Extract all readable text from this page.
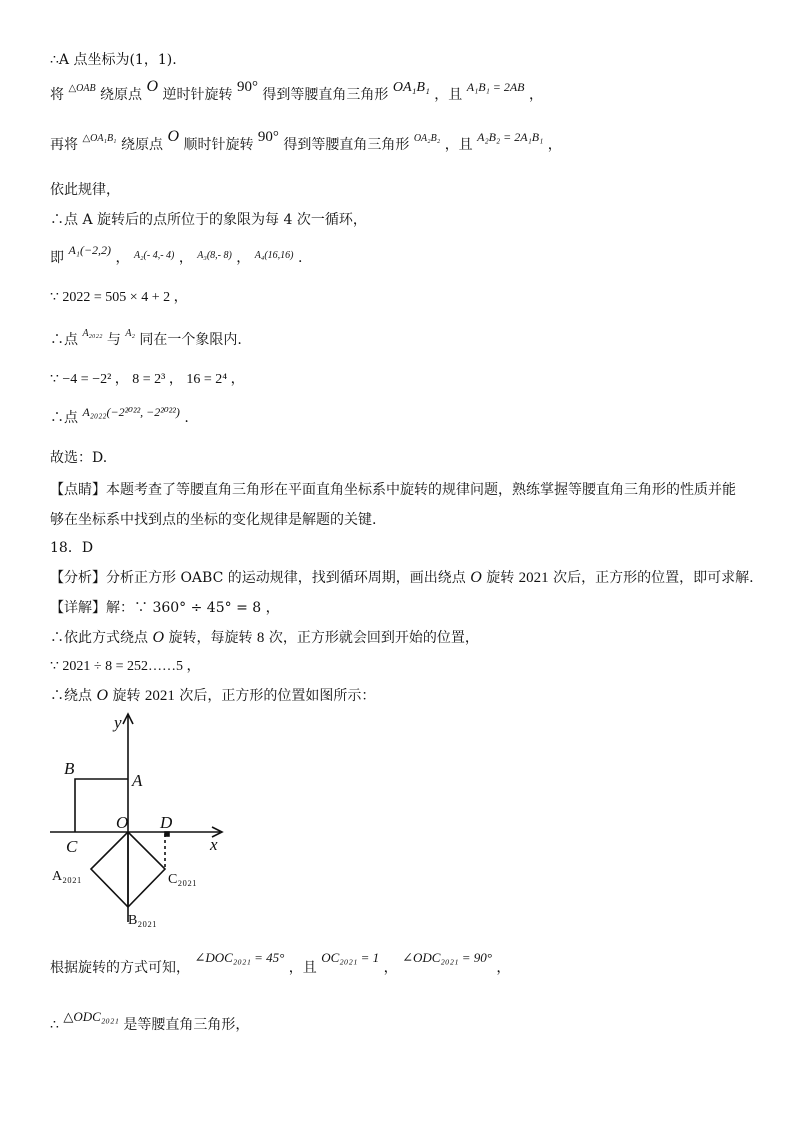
∴A 点坐标为(1，1).
将 $^{\triangle OAB}$ 绕原点 O 逆时针旋转 90° 得到等腰直角三角形 OA₁B₁ ，且 A₁B₁ = 2AB ，
再将 $^{\triangle OA_1B_1}$ 绕原点 O 顺时针旋转 90° 得到等腰直角三角形 $^{OA_2B_2}$ ，且 A₂B₂ = 2A₁B₁ ，
依此规律，
∴点 A 旋转后的点所位于的象限为每 4 次一循环，
即 A₁(−2,2) ， $^{A_2(- 4,- 4)}$ ， $^{A_3(8,- 8)}$ ， $^{A_4(16,16)}$ .
∵ 2022 = 505 × 4 + 2 ，
∴点 $^{A_{2022}}$ 与 $^{A_2}$ 同在一个象限内.
∵ −4 = −2² ， 8 = 2³ ， 16 = 2⁴ ，
∴点 A₂₀₂₂(−2²⁰²², −2²⁰²²) .
故选：D.
【点睛】本题考查了等腰直角三角形在平面直角坐标系中旋转的规律问题，熟练掌握等腰直角三角形的性质并能
够在坐标系中找到点的坐标的变化规律是解题的关键.
18．D
【分析】分析正方形 OABC 的运动规律，找到循环周期，画出绕点 O 旋转 2021 次后，正方形的位置，即可求解.
【详解】解：∵ 360° ÷ 45° = 8 ，
∴依此方式绕点 O 旋转，每旋转 8 次，正方形就会回到开始的位置，
∵ 2021 ÷ 8 = 252……5 ，
∴绕点 O 旋转 2021 次后，正方形的位置如图所示：
y
x
B
A
O D
C
A₂₀₂₁	C₂₀₂₁
B₂₀₂₁
根据旋转的方式可知， ∠DOC₂₀₂₁ = 45° ，且 OC₂₀₂₁ = 1 ， ∠ODC₂₀₂₁ = 90° ，
∴ △ODC₂₀₂₁ 是等腰直角三角形，
